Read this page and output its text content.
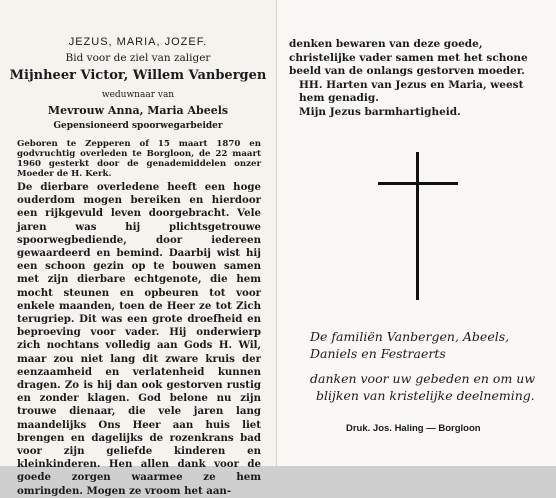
JEZUS, MARIA, JOZEF.
Bid voor de ziel van zaliger
Mijnheer Victor, Willem Vanbergen
weduwnaar van
Mevrouw Anna, Maria Abeels
Gepensioneerd spoorwegarbeider
Geboren te Zepperen of 15 maart 1870 en godvruchtig overleden te Borgloon, de 22 maart 1960 gesterkt door de genademiddelen onzer Moeder de H. Kerk.
De dierbare overledene heeft een hoge ouderdom mogen bereiken en hierdoor een rijkgevuld leven doorgebracht. Vele jaren was hij plichtsgetrouwe spoorwegbediende, door iedereen gewaardeerd en bemind. Daarbij wist hij een schoon gezin op te bouwen samen met zijn dierbare echtgenote, die hem mocht steunen en opbeuren tot voor enkele maanden, toen de Heer ze tot Zich terugriep. Dit was een grote droefheid en beproeving voor vader. Hij onderwierp zich nochtans volledig aan Gods H. Wil, maar zou niet lang dit zware kruis der eenzaamheid en verlatenheid kunnen dragen. Zo is hij dan ook gestorven rustig en zonder klagen. God belone nu zijn trouwe dienaar, die vele jaren lang maandelijks Ons Heer aan huis liet brengen en dagelijks de rozenkrans bad voor zijn geliefde kinderen en kleinkinderen. Hen allen dank voor de goede zorgen waarmee ze hem omringden. Mogen ze vroom het aan-

denken bewaren van deze goede, christelijke vader samen met het schone beeld van de onlangs gestorven moeder.

HH. Harten van Jezus en Maria, weest hem genadig.

Mijn Jezus barmhartigheid.

De familiën Vanbergen, Abeels,
Daniels en Festraerts
danken voor uw gebeden en om uw
blijken van kristelijke deelneming.
Druk. Jos. Haling — Borgloon
